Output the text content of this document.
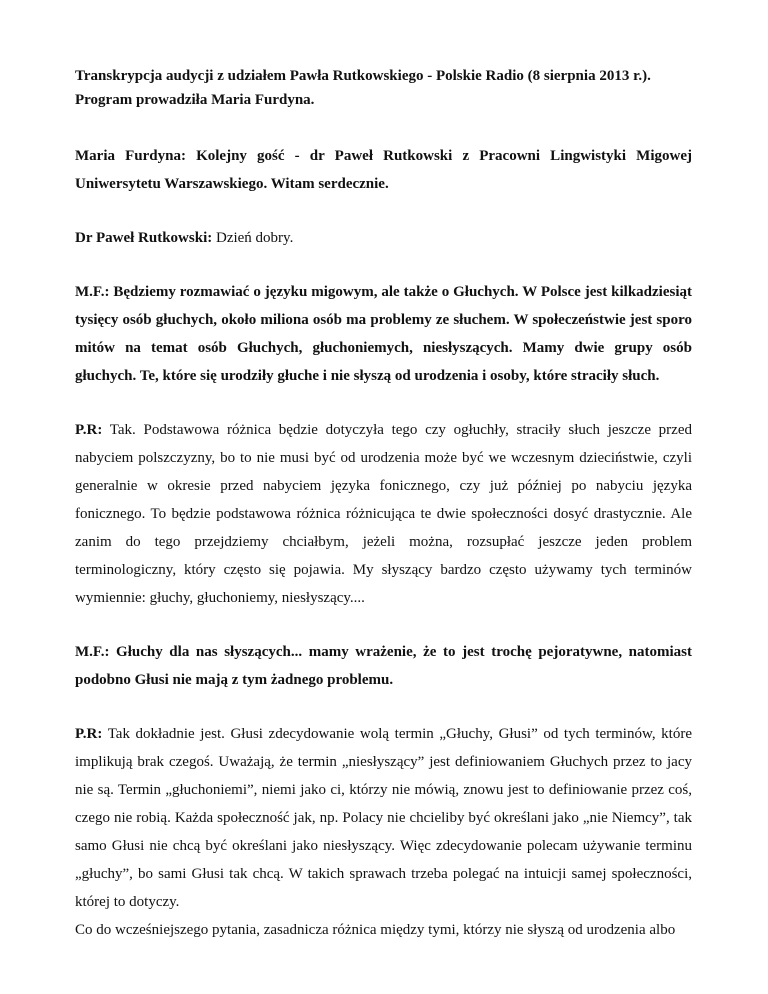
Transkrypcja audycji z udziałem Pawła Rutkowskiego - Polskie Radio (8 sierpnia 2013 r.).
Program prowadziła Maria Furdyna.

Maria Furdyna: Kolejny gość - dr Paweł Rutkowski z Pracowni Lingwistyki Migowej Uniwersytetu Warszawskiego. Witam serdecznie.

Dr Paweł Rutkowski: Dzień dobry.

M.F.: Będziemy rozmawiać o języku migowym, ale także o Głuchych. W Polsce jest kilkadziesiąt tysięcy osób głuchych, około miliona osób ma problemy ze słuchem. W społeczeństwie jest sporo mitów na temat osób Głuchych, głuchoniemych, niesłyszących. Mamy dwie grupy osób głuchych. Te, które się urodziły głuche i nie słyszą od urodzenia i osoby, które straciły słuch.

P.R: Tak. Podstawowa różnica będzie dotyczyła tego czy ogłuchły, straciły słuch jeszcze przed nabyciem polszczyzny, bo to nie musi być od urodzenia może być we wczesnym dzieciństwie, czyli generalnie w okresie przed nabyciem języka fonicznego, czy już później po nabyciu języka fonicznego. To będzie podstawowa różnica różnicująca te dwie społeczności dosyć drastycznie. Ale zanim do tego przejdziemy chciałbym, jeżeli można, rozsupłać jeszcze jeden problem terminologiczny, który często się pojawia. My słyszący bardzo często używamy tych terminów wymiennie: głuchy, głuchoniemy, niesłyszący....

M.F.: Głuchy dla nas słyszących... mamy wrażenie, że to jest trochę pejoratywne, natomiast podobno Głusi nie mają z tym żadnego problemu.

P.R: Tak dokładnie jest. Głusi zdecydowanie wolą termin „Głuchy, Głusi” od tych terminów, które implikują brak czegoś. Uważają, że termin „niesłyszący” jest definiowaniem Głuchych przez to jacy nie są. Termin „głuchoniemi”, niemi jako ci, którzy nie mówią, znowu jest to definiowanie przez coś, czego nie robią. Każda społeczność jak, np. Polacy nie chcieliby być określani jako „nie Niemcy”, tak samo Głusi nie chcą być określani jako niesłyszący. Więc zdecydowanie polecam używanie terminu „głuchy”, bo sami Głusi tak chcą. W takich sprawach trzeba polegać na intuicji samej społeczności, której to dotyczy.

Co do wcześniejszego pytania, zasadnicza różnica między tymi, którzy nie słyszą od urodzenia albo
